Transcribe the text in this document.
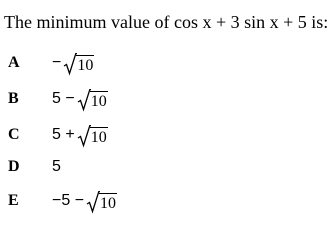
The minimum value of cos x + 3 sin x + 5 is:
A − 10
B 5 − 10
C 5 + 10
D 5
E −5 − 10
